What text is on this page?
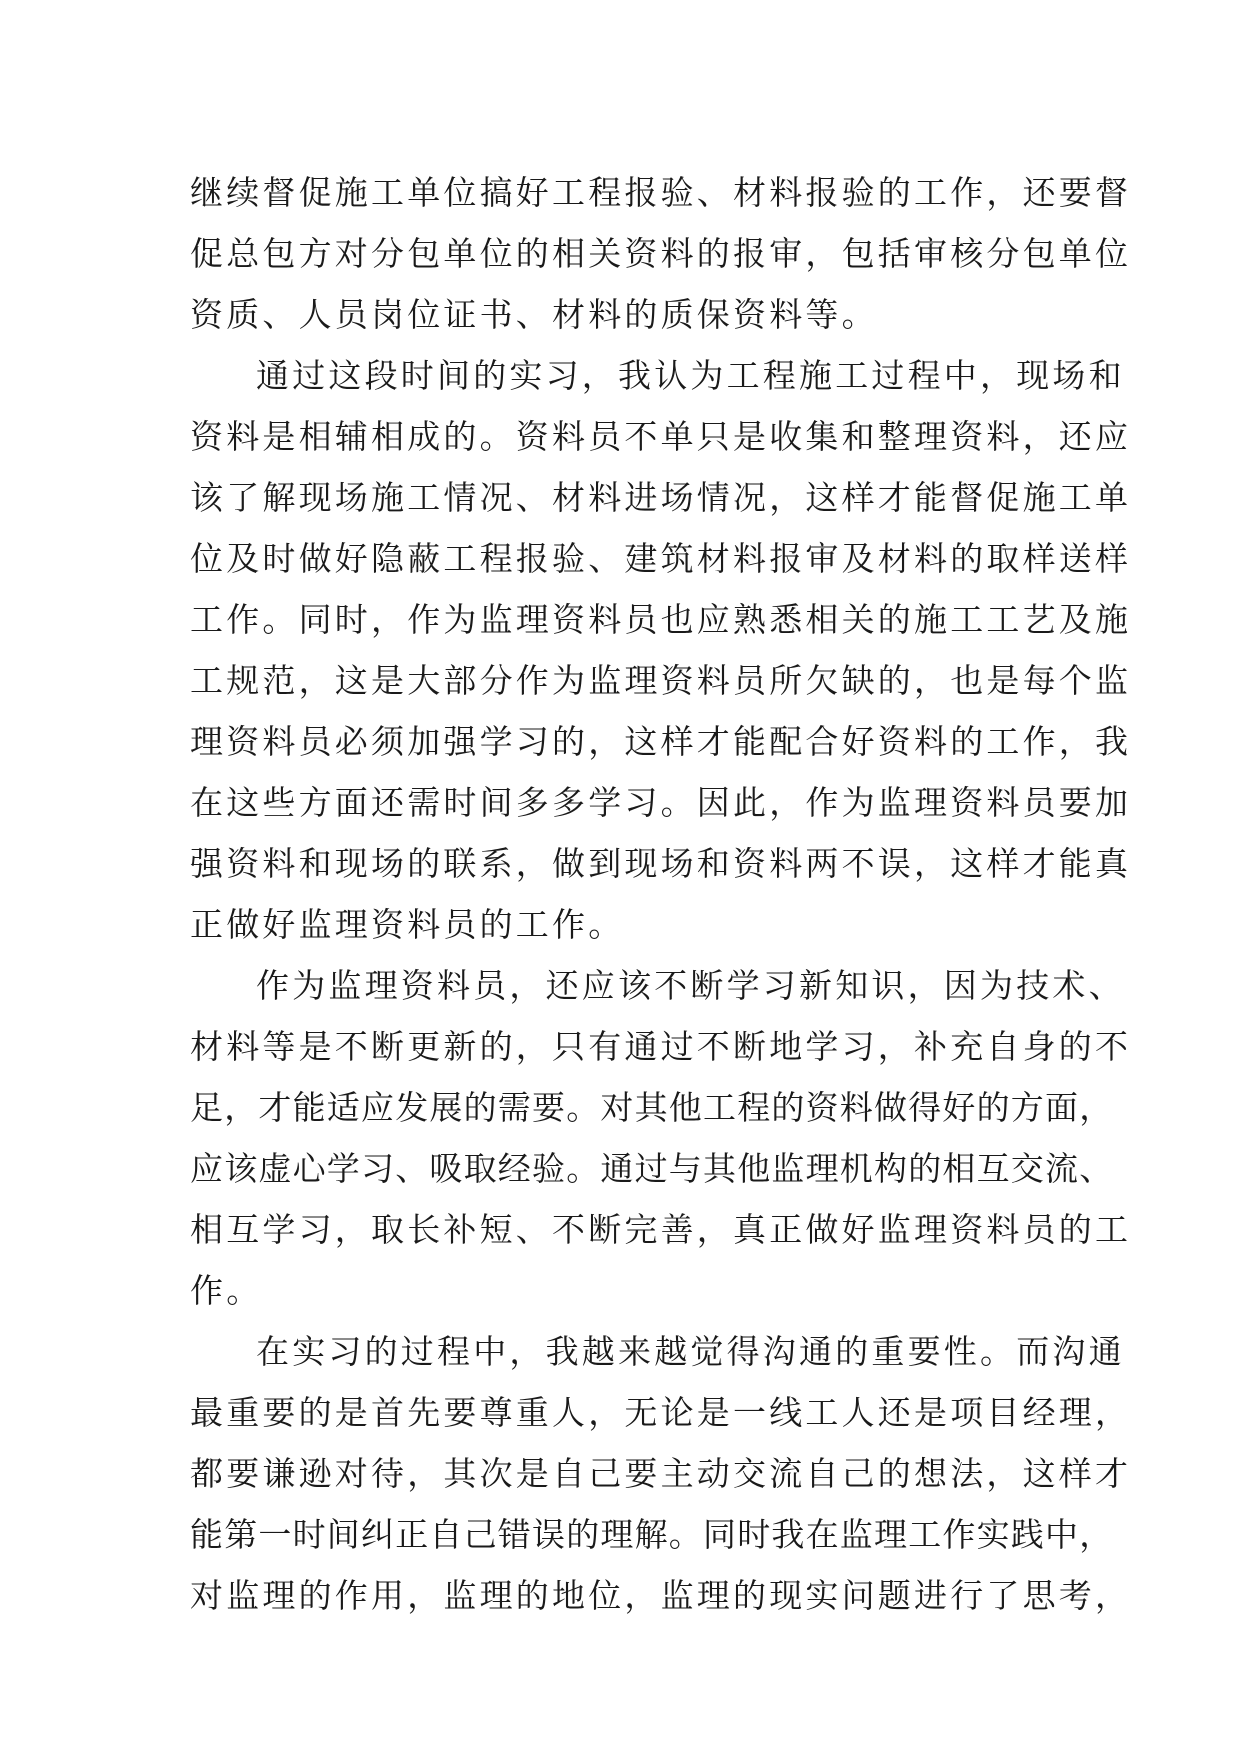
继续督促施工单位搞好工程报验、材料报验的工作，还要督
促总包方对分包单位的相关资料的报审，包括审核分包单位
资质、人员岗位证书、材料的质保资料等。
通过这段时间的实习，我认为工程施工过程中，现场和
资料是相辅相成的。资料员不单只是收集和整理资料，还应
该了解现场施工情况、材料进场情况，这样才能督促施工单
位及时做好隐蔽工程报验、建筑材料报审及材料的取样送样
工作。同时，作为监理资料员也应熟悉相关的施工工艺及施
工规范，这是大部分作为监理资料员所欠缺的，也是每个监
理资料员必须加强学习的，这样才能配合好资料的工作，我
在这些方面还需时间多多学习。因此，作为监理资料员要加
强资料和现场的联系，做到现场和资料两不误，这样才能真
正做好监理资料员的工作。
作为监理资料员，还应该不断学习新知识，因为技术、
材料等是不断更新的，只有通过不断地学习，补充自身的不
足，才能适应发展的需要。对其他工程的资料做得好的方面，
应该虚心学习、吸取经验。通过与其他监理机构的相互交流、
相互学习，取长补短、不断完善，真正做好监理资料员的工
作。
在实习的过程中，我越来越觉得沟通的重要性。而沟通
最重要的是首先要尊重人，无论是一线工人还是项目经理，
都要谦逊对待，其次是自己要主动交流自己的想法，这样才
能第一时间纠正自己错误的理解。同时我在监理工作实践中，
对监理的作用，监理的地位，监理的现实问题进行了思考，
